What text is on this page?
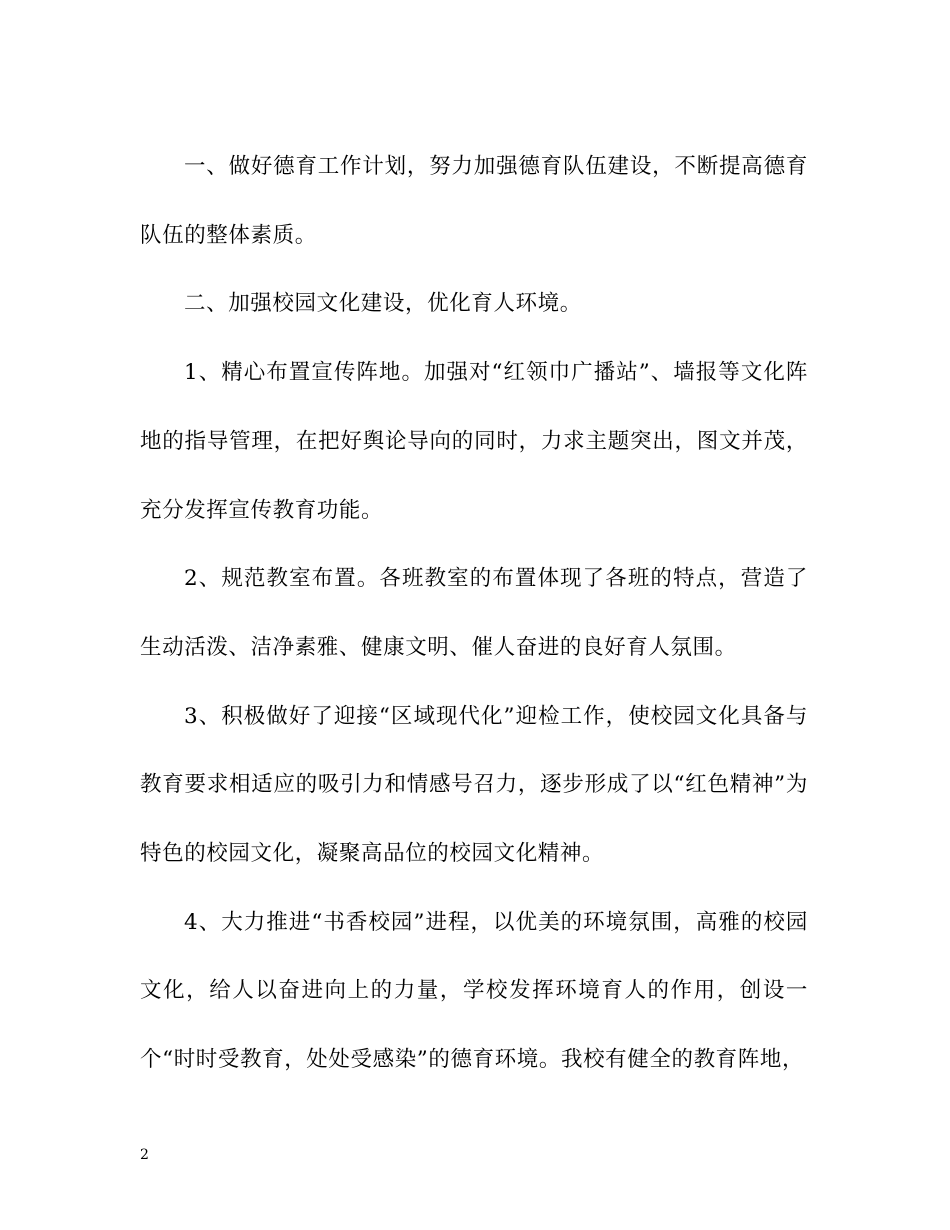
一、做好德育工作计划，努力加强德育队伍建设，不断提高德育队伍的整体素质。

二、加强校园文化建设，优化育人环境。

1、精心布置宣传阵地。加强对“红领巾广播站”、墙报等文化阵地的指导管理，在把好舆论导向的同时，力求主题突出，图文并茂，充分发挥宣传教育功能。

2、规范教室布置。各班教室的布置体现了各班的特点，营造了生动活泼、洁净素雅、健康文明、催人奋进的良好育人氛围。

3、积极做好了迎接“区域现代化”迎检工作，使校园文化具备与教育要求相适应的吸引力和情感号召力，逐步形成了以“红色精神”为特色的校园文化，凝聚高品位的校园文化精神。

4、大力推进“书香校园”进程，以优美的环境氛围，高雅的校园文化，给人以奋进向上的力量，学校发挥环境育人的作用，创设一个“时时受教育，处处受感染”的德育环境。我校有健全的教育阵地，

2
